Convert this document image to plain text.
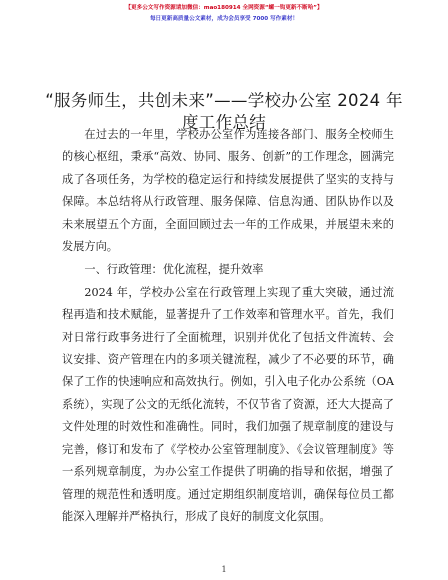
【更多公文写作资源请加微信：mao180914 全网资源“螺一钩更新不断哈”】
每日更新高质量公文素材，成为会员享受 7000 写作素材！
“服务师生，共创未来”——学校办公室 2024 年度工作总结

在过去的一年里，学校办公室作为连接各部门、服务全校师生的核心枢纽，秉承“高效、协同、服务、创新”的工作理念，圆满完成了各项任务，为学校的稳定运行和持续发展提供了坚实的支持与保障。本总结将从行政管理、服务保障、信息沟通、团队协作以及未来展望五个方面，全面回顾过去一年的工作成果，并展望未来的发展方向。

一、行政管理：优化流程，提升效率

2024 年，学校办公室在行政管理上实现了重大突破，通过流程再造和技术赋能，显著提升了工作效率和管理水平。首先，我们对日常行政事务进行了全面梳理，识别并优化了包括文件流转、会议安排、资产管理在内的多项关键流程，减少了不必要的环节，确保了工作的快速响应和高效执行。例如，引入电子化办公系统（OA 系统），实现了公文的无纸化流转，不仅节省了资源，还大大提高了文件处理的时效性和准确性。同时，我们加强了规章制度的建设与完善，修订和发布了《学校办公室管理制度》、《会议管理制度》等一系列规章制度，为办公室工作提供了明确的指导和依据，增强了管理的规范性和透明度。通过定期组织制度培训，确保每位员工都能深入理解并严格执行，形成了良好的制度文化氛围。

1
